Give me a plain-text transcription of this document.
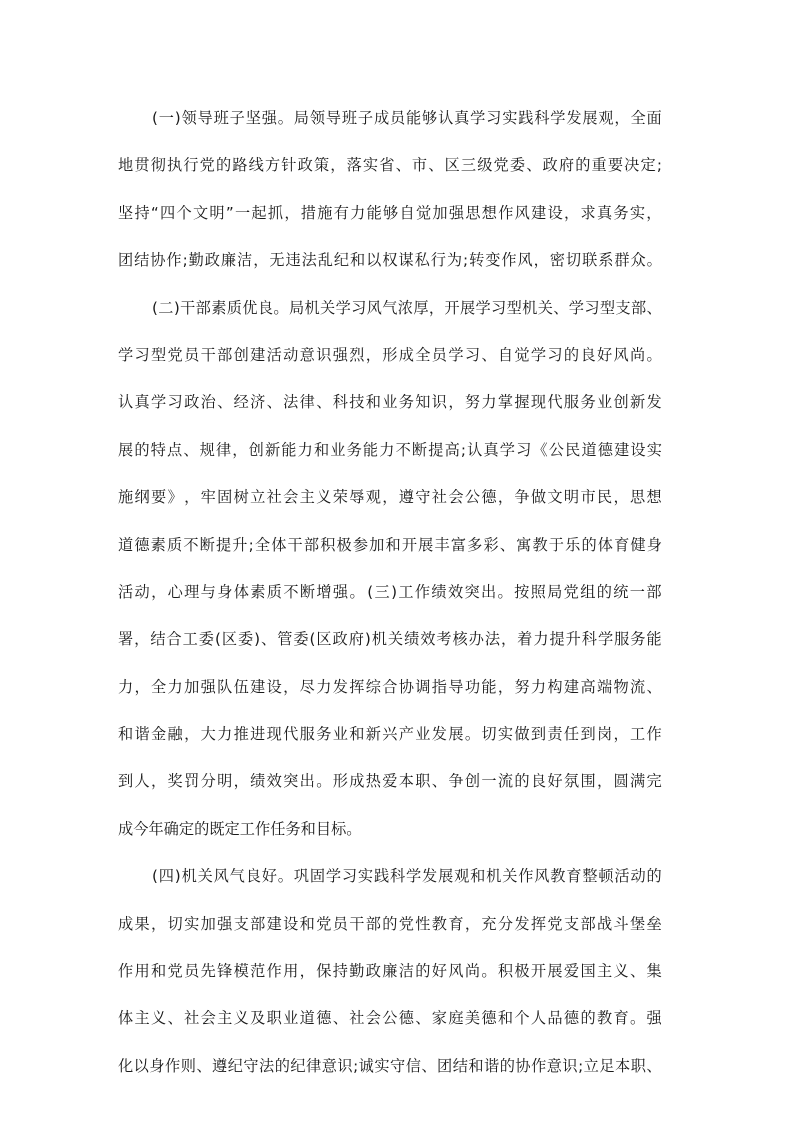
( 一 ) 领 导 班 子 坚 强 。 局 领 导 班 子 成 员 能 够 认 真 学 习 实 践 科 学 发 展 观 ， 全 面
地 贯 彻 执 行 党 的 路 线 方 针 政 策 ， 落 实 省 、 市 、 区 三 级 党 委 、 政 府 的 重 要 决 定 ;
坚 持 “ 四 个 文 明 ” 一 起 抓 ， 措 施 有 力 能 够 自 觉 加 强 思 想 作 风 建 设 ， 求 真 务 实 ，
团 结 协 作 ; 勤 政 廉 洁 ， 无 违 法 乱 纪 和 以 权 谋 私 行 为 ; 转 变 作 风 ， 密 切 联 系 群 众 。
( 二 ) 干 部 素 质 优 良 。 局 机 关 学 习 风 气 浓 厚 ， 开 展 学 习 型 机 关 、 学 习 型 支 部 、
学 习 型 党 员 干 部 创 建 活 动 意 识 强 烈 ， 形 成 全 员 学 习 、 自 觉 学 习 的 良 好 风 尚 。
认 真 学 习 政 治 、 经 济 、 法 律 、 科 技 和 业 务 知 识 ， 努 力 掌 握 现 代 服 务 业 创 新 发
展 的 特 点 、 规 律 ， 创 新 能 力 和 业 务 能 力 不 断 提 高 ; 认 真 学 习 《 公 民 道 德 建 设 实
施 纲 要 》 ， 牢 固 树 立 社 会 主 义 荣 辱 观 ， 遵 守 社 会 公 德 ， 争 做 文 明 市 民 ， 思 想
道 德 素 质 不 断 提 升 ; 全 体 干 部 积 极 参 加 和 开 展 丰 富 多 彩 、 寓 教 于 乐 的 体 育 健 身
活 动 ， 心 理 与 身 体 素 质 不 断 增 强 。 ( 三 ) 工 作 绩 效 突 出 。 按 照 局 党 组 的 统 一 部
署 ， 结 合 工 委 ( 区 委 ) 、 管 委 ( 区 政 府 ) 机 关 绩 效 考 核 办 法 ， 着 力 提 升 科 学 服 务 能
力 ， 全 力 加 强 队 伍 建 设 ， 尽 力 发 挥 综 合 协 调 指 导 功 能 ， 努 力 构 建 高 端 物 流 、
和 谐 金 融 ， 大 力 推 进 现 代 服 务 业 和 新 兴 产 业 发 展 。 切 实 做 到 责 任 到 岗 ， 工 作
到 人 ， 奖 罚 分 明 ， 绩 效 突 出 。 形 成 热 爱 本 职 、 争 创 一 流 的 良 好 氛 围 ， 圆 满 完
成 今 年 确 定 的 既 定 工 作 任 务 和 目 标 。
( 四 ) 机 关 风 气 良 好 。 巩 固 学 习 实 践 科 学 发 展 观 和 机 关 作 风 教 育 整 顿 活 动 的
成 果 ， 切 实 加 强 支 部 建 设 和 党 员 干 部 的 党 性 教 育 ， 充 分 发 挥 党 支 部 战 斗 堡 垒
作 用 和 党 员 先 锋 模 范 作 用 ， 保 持 勤 政 廉 洁 的 好 风 尚 。 积 极 开 展 爱 国 主 义 、 集
体 主 义 、 社 会 主 义 及 职 业 道 德 、 社 会 公 德 、 家 庭 美 德 和 个 人 品 德 的 教 育 。 强
化 以 身 作 则 、 遵 纪 守 法 的 纪 律 意 识 ; 诚 实 守 信 、 团 结 和 谐 的 协 作 意 识 ; 立 足 本 职 、
